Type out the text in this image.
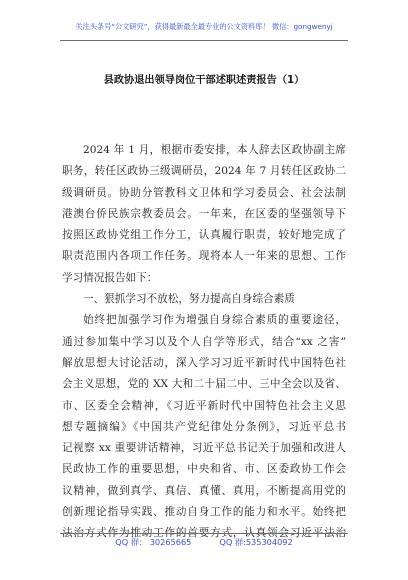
关注头条号“公文研究”，获得最新最全最专业的公文资料库！ 微信：gongwenyj
县政协退出领导岗位干部述职述责报告（1）
2024 年 1 月，根据市委安排，本人辞去区政协副主席
职务，转任区政协三级调研员，2024 年 7 月转任区政协二
级调研员。协助分管教科文卫体和学习委员会、社会法制
港澳台侨民族宗教委员会。一年来，在区委的坚强领导下
按照区政协党组工作分工，认真履行职责，较好地完成了
职责范围内各项工作任务。现将本人一年来的思想、工作
学习情况报告如下：
一、狠抓学习不放松，努力提高自身综合素质
始终把加强学习作为增强自身综合素质的重要途径，
通过参加集中学习以及个人自学等形式，结合“xx 之害”
解放思想大讨论活动，深入学习习近平新时代中国特色社
会主义思想，党的 XX 大和二十届二中、三中全会以及省、
市、区委全会精神，《习近平新时代中国特色社会主义思
想专题摘编》《中国共产党纪律处分条例》，习近平总书
记视察 xx 重要讲话精神，习近平总书记关于加强和改进人
民政协工作的重要思想，中央和省、市、区委政协工作会
议精神，做到真学、真信、真懂、真用，不断提高用党的
创新理论指导实践、推动自身工作的能力和水平。始终把
法治方式作为推动工作的首要方式，认真领会习近平法治
QQ 群： 30265665	QQ 群:535304092
